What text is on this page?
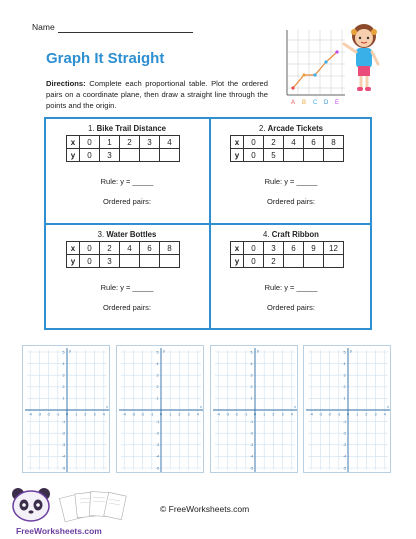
Name
Graph It Straight
Directions: Complete each proportional table. Plot the ordered pairs on a coordinate plane, then draw a straight line through the points and the origin.	A B C D E
1. Bike Trail Distance
x	0	1	2	3	4
y	0	3			
Rule: y = _____
Ordered pairs:
2. Arcade Tickets
x	0	2	4	6	8
y	0	5			
Rule: y = _____
Ordered pairs:
3. Water Bottles
x	0	2	4	6	8
y	0	3			
Rule: y = _____
Ordered pairs:
4. Craft Ribbon
x	0	3	6	9	12
y	0	2			
Rule: y = _____
Ordered pairs:
-4 -3 -2 -1 0 1 2 3 4
5
4
3
2
1
-1
-2
-3
-4
-5
x
y
-4 -3 -2 -1 0 1 2 3 4
5
4
3
2
1
-1
-2
-3
-4
-5
x
y
-4 -3 -2 -1 0 1 2 3 4
5
4
3
2
1
-1
-2
-3
-4
-5
x
y
-4 -3 -2 -1 0 1 2 3 4
5
4
3
2
1
-1
-2
-3
-4
-5
x
y
© FreeWorksheets.com
FreeWorksheets.com
